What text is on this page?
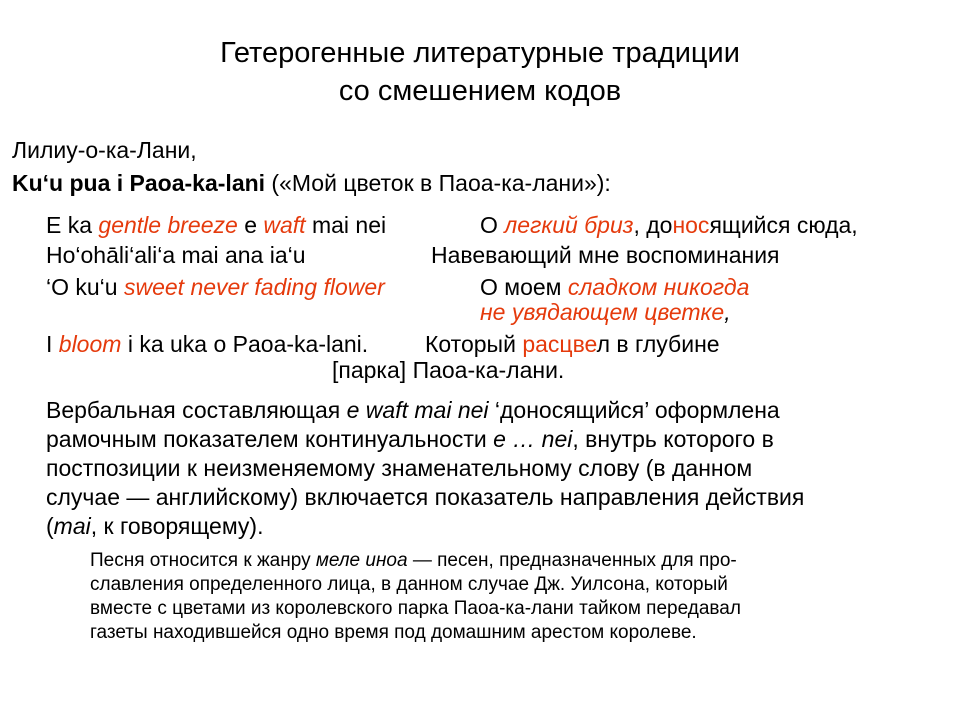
Гетерогенные литературные традиции
со смешением кодов
Лилиу-о-ка-Лани,
Ku‘u pua i Paoa-ka-lani («Мой цветок в Паоа-ка-лани»):
E ka gentle breeze e waft mai nei	О легкий бриз, доносящийся сюда,
Ho‘ohāli‘ali‘a mai ana ia‘u	Навевающий мне воспоминания
‘O ku‘u sweet never fading flower	О моем сладком никогда
не увядающем цветке,
I bloom i ka uka o Paoa-ka-lani. Который расцвел в глубине
[парка] Паоа-ка-лани.
Вербальная составляющая e waft mai nei ‘доносящийся’ оформлена
рамочным показателем континуальности e … nei, внутрь которого в
постпозиции к неизменяемому знаменательному слову (в данном
случае — английскому) включается показатель направления действия
(mai, к говорящему).
Песня относится к жанру меле иноа — песен, предназначенных для про-
славления определенного лица, в данном случае Дж. Уилсона, который
вместе с цветами из королевского парка Паоа-ка-лани тайком передавал
газеты находившейся одно время под домашним арестом королеве.
